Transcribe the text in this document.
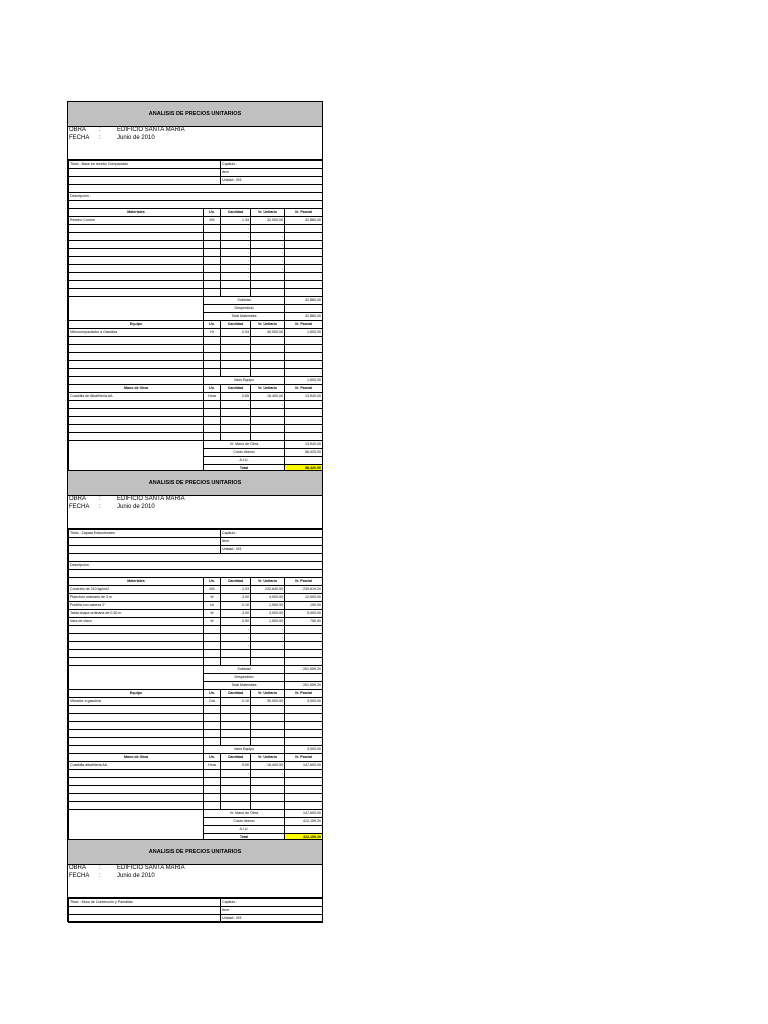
ANALISIS DE PRECIOS UNITARIOS
OBRA :	EDIFICIO SANTA MARIA
FECHA :	Junio de 2010
Titulo : Base en recebo Compactado		Capitulo :		
		Item		
		Unidad : M3		

Descripción :				

Materiales	Un.	Cantidad	Vr. Unitario	Vr. Parcial
Recebo Común	M3	1.34	32,000.00	42,880.00
		-		-
		-	-	-
		-	-	-
		-	-	-
		-	-	-
		-	-	-
		-		-
				-

	Subtotal			42,880.00
	Desperdicio			
	Total Materiales			42,880.00
Equipo	Un.	Cantidad	Vr. Unitario	Vr. Parcial
Vibrocompactador a Gasolina	Hr	0.04	40,000.00	1,600.00
				-
				-
				-
				-
				-
	Valor Equipo			1,600.00
Mano de Obra	Un.	Cantidad	Vr. Unitario	Vr. Parcial
Cuadrilla de Albañilería AA	Hora	0.85	16,400.00	13,940.00
		-	-	-
				-
				-
				-
				-
	Vr. Mano de Obra			13,940.00
	Costo directo			58,420.00
	A.I.U.			
	Total			58,420.00
ANALISIS DE PRECIOS UNITARIOS
OBRA :	EDIFICIO SANTA MARIA
FECHA :	Junio de 2010
Titulo : Zapata Estructurales		Capitulo :		
		Item		
		Unidad : M3		

Descripción :				

Materiales	Un.	Cantidad	Vr. Unitario	Vr. Parcial
Concreto de 210 kg/cm2	M3	1.03	232,640.00	239,619.20
Planchón ordinario de 3 m	M	3.00	4,000.00	12,000.00
Puntilla con cabeza 2"	Lb	0.10	1,900.00	190.00
Tabla chapa ordinaria de 0.30 m	M	3.00	3,000.00	9,000.00
Vara de clavo	M	0.50	1,500.00	750.00
		-	-	-
		-	-	-
		-	-	-
				-
				-
	Subtotal			261,559.20
	Desperdicio			
	Total Materiales			261,559.20
Equipo	Un.	Cantidad	Vr. Unitario	Vr. Parcial
Vibrador a gasolina	Dia	0.10	30,000.00	3,000.00
				-
				-
				-
				-
				-
	Valor Equipo			3,000.00
Mano de Obra	Un.	Cantidad	Vr. Unitario	Vr. Parcial
Cuadrilla albañileria AA	Hora	9.00	16,400.00	147,600.00
		-	-	-
				-
				-
				-
				-
	Vr. Mano de Obra			147,600.00
	Costo directo			412,159.20
	A.I.U.			
	Total			412,159.20
ANALISIS DE PRECIOS UNITARIOS
OBRA :	EDIFICIO SANTA MARIA
FECHA :	Junio de 2010
Titulo : Muro de Contención y Pantallas	Capitulo :
	Item
	Unidad : M3
